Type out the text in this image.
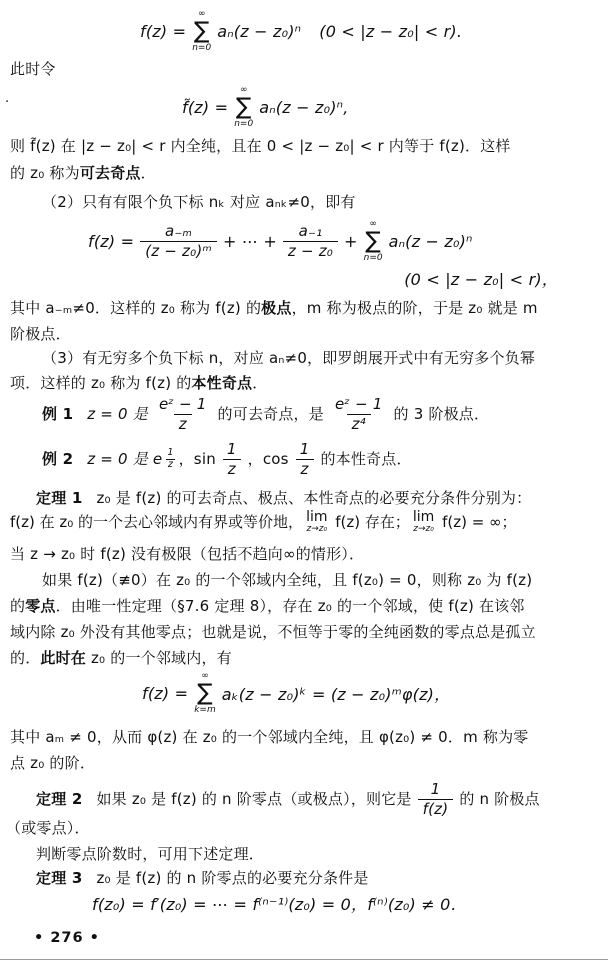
f(z) =
∞
∑
n=0
aₙ(z − z₀)ⁿ (0 < |z − z₀| < r).
此时令
·	f̃(z) =
∞
∑
n=0
aₙ(z − z₀)ⁿ,
则 f̃(z) 在 |z − z₀| < r 内全纯，且在 0 < |z − z₀| < r 内等于 f(z)．这样
的 z₀ 称为可去奇点．
（2）只有有限个负下标 nₖ 对应 aₙₖ≠0，即有
$f(z) = \frac{\text{a₋ₘ}}{\text{(z − z₀)ᵐ}}$ + ⋯ + $\frac{\text{a₋₁}}{\text{z − z₀}}$ +
∞
∑
n=0
aₙ(z − z₀)ⁿ
(0 < |z − z₀| < r)，
其中 a₋ₘ≠0．这样的 z₀ 称为 f(z) 的极点，m 称为极点的阶，于是 z₀ 就是 m
阶极点．
（3）有无穷多个负下标 n，对应 aₙ≠0，即罗朗展开式中有无穷多个负幂
项．这样的 z₀ 称为 f(z) 的本性奇点．
例 1 z = 0 是 $\frac{\text{eᶻ − 1}}{z}$ 的可去奇点，是 $\frac{\text{eᶻ − 1}}{\text{z⁴}}$ 的 3 阶极点．
例 2 z = 0 是 e $\frac{1}{z}$ ，$\sin \frac{1}{z}$ ，$\cos \frac{1}{z}$ 的本性奇点．
定理 1 z₀ 是 f(z) 的可去奇点、极点、本性奇点的必要充分条件分别为：
f(z) 在 z₀ 的一个去心邻域内有界或等价地， lim
z→z₀ f(z) 存在； lim
z→z₀ f(z) = ∞；
当 z → z₀ 时 f(z) 没有极限（包括不趋向∞的情形）．
如果 f(z)（≢0）在 z₀ 的一个邻域内全纯，且 f(z₀) = 0，则称 z₀ 为 f(z)
的零点．由唯一性定理（§7.6 定理 8），存在 z₀ 的一个邻域，使 f(z) 在该邻
域内除 z₀ 外没有其他零点；也就是说，不恒等于零的全纯函数的零点总是孤立
的．此时在 z₀ 的一个邻域内，有
f(z) =
∞
∑
k=m
aₖ(z − z₀)ᵏ = (z − z₀)ᵐφ(z)，
其中 aₘ ≠ 0，从而 φ(z) 在 z₀ 的一个邻域内全纯，且 φ(z₀) ≠ 0．m 称为零
点 z₀ 的阶．
定理 2 如果 z₀ 是 f(z) 的 n 阶零点（或极点），则它是 $\frac{1}{f(z)}$ 的 n 阶极点
（或零点）．
判断零点阶数时，可用下述定理．
定理 3 z₀ 是 f(z) 的 n 阶零点的必要充分条件是
f(z₀) = f′(z₀) = ⋯ = f⁽ⁿ⁻¹⁾(z₀) = 0，f⁽ⁿ⁾(z₀) ≠ 0．
• 276 •
